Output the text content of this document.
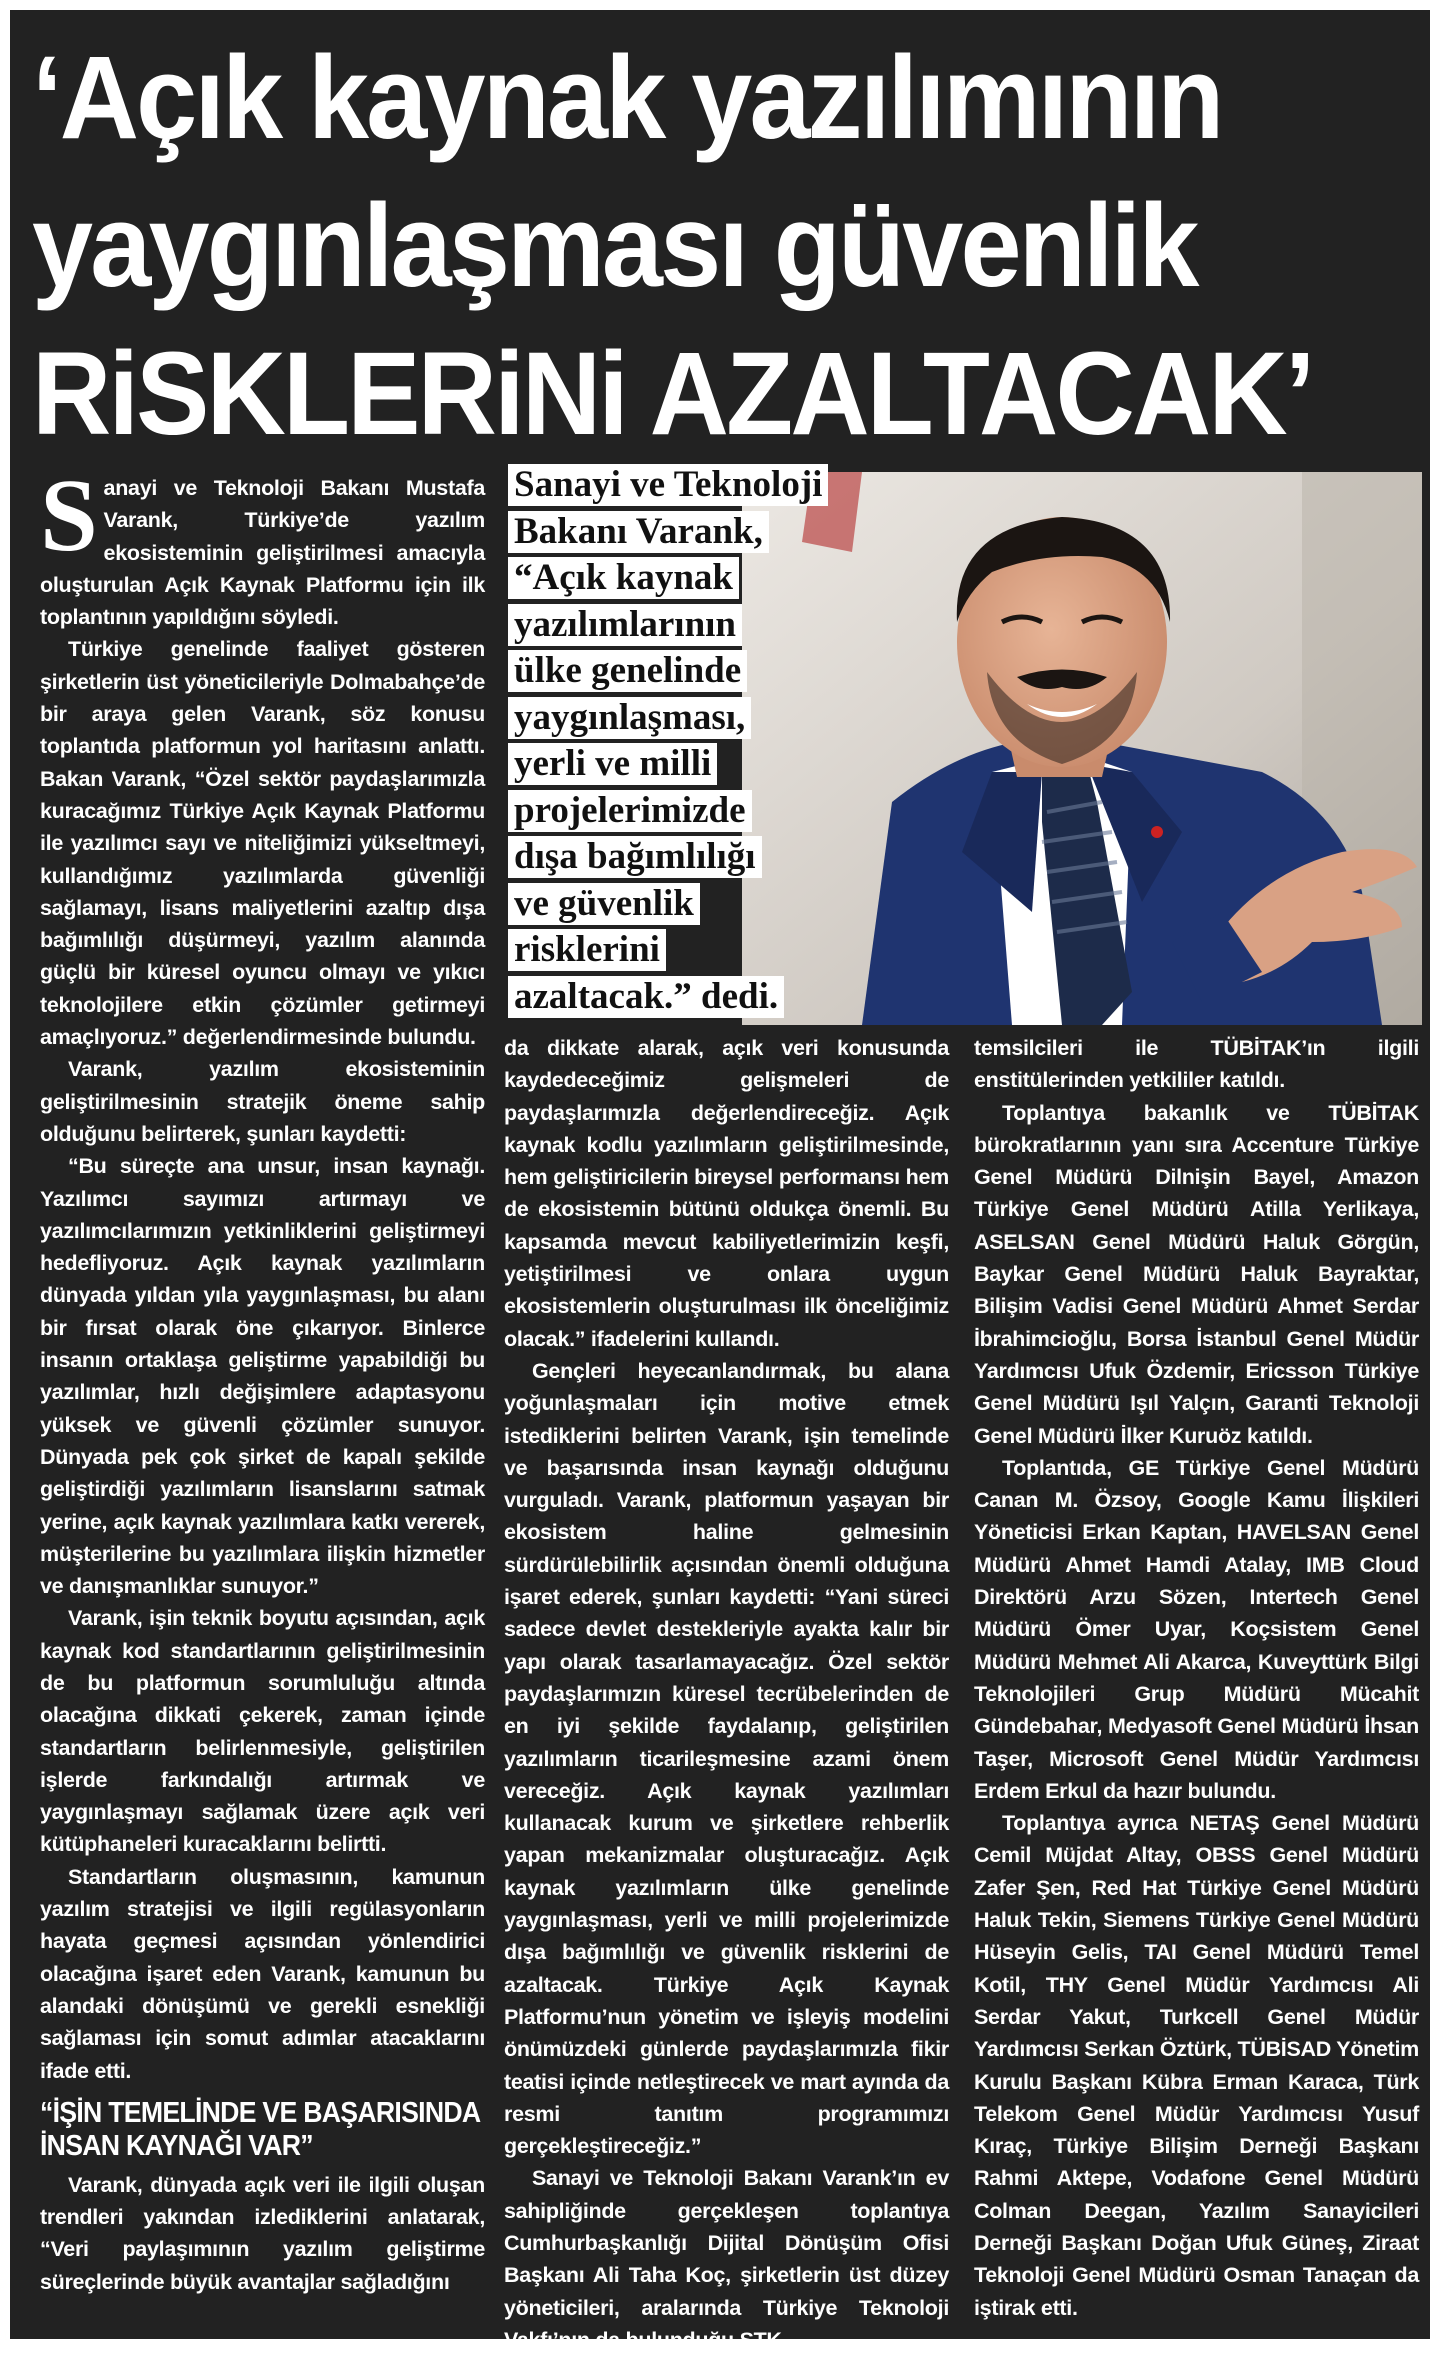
‘Açık kaynak yazılımının
yaygınlaşması güvenlik
RiSKLERiNi AZALTACAK’
Sanayi ve Teknoloji
Bakanı Varank,
“Açık kaynak
yazılımlarının
ülke genelinde
yaygınlaşması,
yerli ve milli
projelerimizde
dışa bağımlılığı
ve güvenlik
risklerini
azaltacak.” dedi.

Sanayi ve Teknoloji Bakanı Mustafa Varank, Türkiye’de yazılım ekosisteminin geliştirilmesi amacıyla oluşturulan Açık Kaynak Platformu için ilk toplantının yapıldığını söyledi.

Türkiye genelinde faaliyet gösteren şirketlerin üst yöneticileriyle Dolmabahçe’de bir araya gelen Varank, söz konusu toplantıda platformun yol haritasını anlattı. Bakan Varank, “Özel sektör paydaşlarımızla kuracağımız Türkiye Açık Kaynak Platformu ile yazılımcı sayı ve niteliğimizi yükseltmeyi, kullandığımız yazılımlarda güvenliği sağlamayı, lisans maliyetlerini azaltıp dışa bağımlılığı düşürmeyi, yazılım alanında güçlü bir küresel oyuncu olmayı ve yıkıcı teknolojilere etkin çözümler getirmeyi amaçlıyoruz.” değerlendirmesinde bulundu.

Varank, yazılım ekosisteminin geliştirilmesinin stratejik öneme sahip olduğunu belirterek, şunları kaydetti:

“Bu süreçte ana unsur, insan kaynağı. Yazılımcı sayımızı artırmayı ve yazılımcılarımızın yetkinliklerini geliştirmeyi hedefliyoruz. Açık kaynak yazılımların dünyada yıldan yıla yaygınlaşması, bu alanı bir fırsat olarak öne çıkarıyor. Binlerce insanın ortaklaşa geliştirme yapabildiği bu yazılımlar, hızlı değişimlere adaptasyonu yüksek ve güvenli çözümler sunuyor. Dünyada pek çok şirket de kapalı şekilde geliştirdiği yazılımların lisanslarını satmak yerine, açık kaynak yazılımlara katkı vererek, müşterilerine bu yazılımlara ilişkin hizmetler ve danışmanlıklar sunuyor.”

Varank, işin teknik boyutu açısından, açık kaynak kod standartlarının geliştirilmesinin de bu platformun sorumluluğu altında olacağına dikkati çekerek, zaman içinde standartların belirlenmesiyle, geliştirilen işlerde farkındalığı artırmak ve yaygınlaşmayı sağlamak üzere açık veri kütüphaneleri kuracaklarını belirtti.

Standartların oluşmasının, kamunun yazılım stratejisi ve ilgili regülasyonların hayata geçmesi açısından yönlendirici olacağına işaret eden Varank, kamunun bu alandaki dönüşümü ve gerekli esnekliği sağlaması için somut adımlar atacaklarını ifade etti.

“İŞİN TEMELİNDE VE BAŞARISINDA
İNSAN KAYNAĞI VAR”

Varank, dünyada açık veri ile ilgili oluşan trendleri yakından izlediklerini anlatarak, “Veri paylaşımının yazılım geliştirme süreçlerinde büyük avantajlar sağladığını

da dikkate alarak, açık veri konusunda kaydedeceğimiz gelişmeleri de paydaşlarımızla değerlendireceğiz. Açık kaynak kodlu yazılımların geliştirilmesinde, hem geliştiricilerin bireysel performansı hem de ekosistemin bütünü oldukça önemli. Bu kapsamda mevcut kabiliyetlerimizin keşfi, yetiştirilmesi ve onlara uygun ekosistemlerin oluşturulması ilk önceliğimiz olacak.” ifadelerini kullandı.

Gençleri heyecanlandırmak, bu alana yoğunlaşmaları için motive etmek istediklerini belirten Varank, işin temelinde ve başarısında insan kaynağı olduğunu vurguladı. Varank, platformun yaşayan bir ekosistem haline gelmesinin sürdürülebilirlik açısından önemli olduğuna işaret ederek, şunları kaydetti: “Yani süreci sadece devlet destekleriyle ayakta kalır bir yapı olarak tasarlamayacağız. Özel sektör paydaşlarımızın küresel tecrübelerinden de en iyi şekilde faydalanıp, geliştirilen yazılımların ticarileşmesine azami önem vereceğiz. Açık kaynak yazılımları kullanacak kurum ve şirketlere rehberlik yapan mekanizmalar oluşturacağız. Açık kaynak yazılımların ülke genelinde yaygınlaşması, yerli ve milli projelerimizde dışa bağımlılığı ve güvenlik risklerini de azaltacak. Türkiye Açık Kaynak Platformu’nun yönetim ve işleyiş modelini önümüzdeki günlerde paydaşlarımızla fikir teatisi içinde netleştirecek ve mart ayında da resmi tanıtım programımızı gerçekleştireceğiz.”

Sanayi ve Teknoloji Bakanı Varank’ın ev sahipliğinde gerçekleşen toplantıya Cumhurbaşkanlığı Dijital Dönüşüm Ofisi Başkanı Ali Taha Koç, şirketlerin üst düzey yöneticileri, aralarında Türkiye Teknoloji Vakfı’nın da bulunduğu STK

temsilcileri ile TÜBİTAK’ın ilgili enstitülerinden yetkililer katıldı.

Toplantıya bakanlık ve TÜBİTAK bürokratlarının yanı sıra Accenture Türkiye Genel Müdürü Dilnişin Bayel, Amazon Türkiye Genel Müdürü Atilla Yerlikaya, ASELSAN Genel Müdürü Haluk Görgün, Baykar Genel Müdürü Haluk Bayraktar, Bilişim Vadisi Genel Müdürü Ahmet Serdar İbrahimcioğlu, Borsa İstanbul Genel Müdür Yardımcısı Ufuk Özdemir, Ericsson Türkiye Genel Müdürü Işıl Yalçın, Garanti Teknoloji Genel Müdürü İlker Kuruöz katıldı.

Toplantıda, GE Türkiye Genel Müdürü Canan M. Özsoy, Google Kamu İlişkileri Yöneticisi Erkan Kaptan, HAVELSAN Genel Müdürü Ahmet Hamdi Atalay, IMB Cloud Direktörü Arzu Sözen, Intertech Genel Müdürü Ömer Uyar, Koçsistem Genel Müdürü Mehmet Ali Akarca, Kuveyttürk Bilgi Teknolojileri Grup Müdürü Mücahit Gündebahar, Medyasoft Genel Müdürü İhsan Taşer, Microsoft Genel Müdür Yardımcısı Erdem Erkul da hazır bulundu.

Toplantıya ayrıca NETAŞ Genel Müdürü Cemil Müjdat Altay, OBSS Genel Müdürü Zafer Şen, Red Hat Türkiye Genel Müdürü Haluk Tekin, Siemens Türkiye Genel Müdürü Hüseyin Gelis, TAI Genel Müdürü Temel Kotil, THY Genel Müdür Yardımcısı Ali Serdar Yakut, Turkcell Genel Müdür Yardımcısı Serkan Öztürk, TÜBİSAD Yönetim Kurulu Başkanı Kübra Erman Karaca, Türk Telekom Genel Müdür Yardımcısı Yusuf Kıraç, Türkiye Bilişim Derneği Başkanı Rahmi Aktepe, Vodafone Genel Müdürü Colman Deegan, Yazılım Sanayicileri Derneği Başkanı Doğan Ufuk Güneş, Ziraat Teknoloji Genel Müdürü Osman Tanaçan da iştirak etti.
